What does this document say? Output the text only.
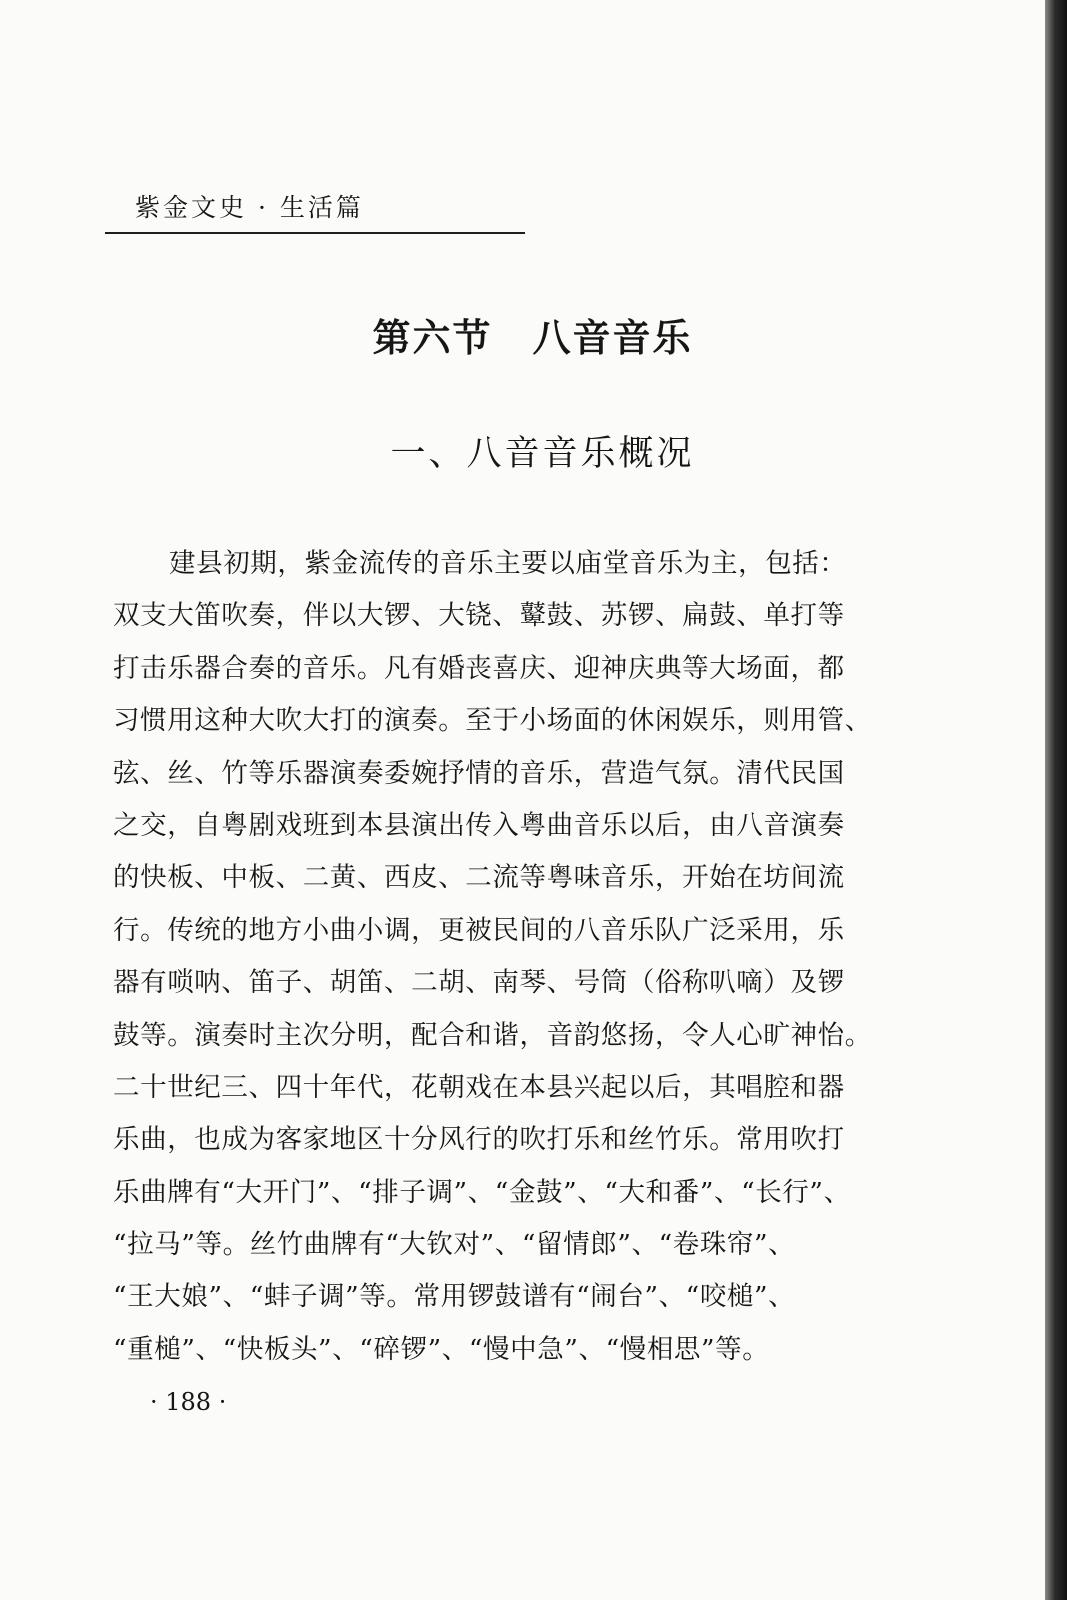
紫金文史 · 生活篇
第六节　八音音乐
一、八音音乐概况
建县初期，紫金流传的音乐主要以庙堂音乐为主，包括：
双支大笛吹奏，伴以大锣、大铙、鼙鼓、苏锣、扁鼓、单打等
打击乐器合奏的音乐。凡有婚丧喜庆、迎神庆典等大场面，都
习惯用这种大吹大打的演奏。至于小场面的休闲娱乐，则用管、
弦、丝、竹等乐器演奏委婉抒情的音乐，营造气氛。清代民国
之交，自粤剧戏班到本县演出传入粤曲音乐以后，由八音演奏
的快板、中板、二黄、西皮、二流等粤味音乐，开始在坊间流
行。传统的地方小曲小调，更被民间的八音乐队广泛采用，乐
器有唢呐、笛子、胡笛、二胡、南琴、号筒（俗称叭嘀）及锣
鼓等。演奏时主次分明，配合和谐，音韵悠扬，令人心旷神怡。
二十世纪三、四十年代，花朝戏在本县兴起以后，其唱腔和器
乐曲，也成为客家地区十分风行的吹打乐和丝竹乐。常用吹打
乐曲牌有“大开门”、“排子调”、“金鼓”、“大和番”、“长行”、
“拉马”等。丝竹曲牌有“大钦对”、“留情郎”、“卷珠帘”、
“王大娘”、“蚌子调”等。常用锣鼓谱有“闹台”、“咬槌”、
“重槌”、“快板头”、“碎锣”、“慢中急”、“慢相思”等。
· 188 ·
